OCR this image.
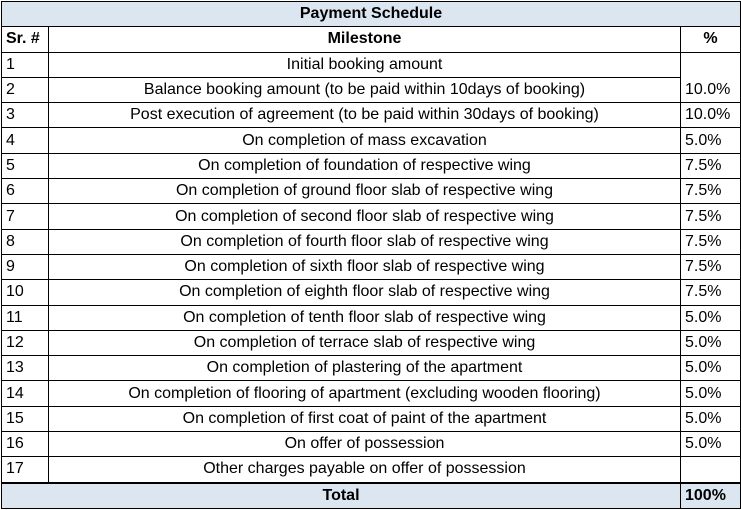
Payment Schedule		
Sr. #	Milestone	%
1	Initial booking amount	
2	Balance booking amount (to be paid within 10days of booking)	10.0%
3	Post execution of agreement (to be paid within 30days of booking)	10.0%
4	On completion of mass excavation	5.0%
5	On completion of foundation of respective wing	7.5%
6	On completion of ground floor slab of respective wing	7.5%
7	On completion of second floor slab of respective wing	7.5%
8	On completion of fourth floor slab of respective wing	7.5%
9	On completion of sixth floor slab of respective wing	7.5%
10	On completion of eighth floor slab of respective wing	7.5%
11	On completion of tenth floor slab of respective wing	5.0%
12	On completion of terrace slab of respective wing	5.0%
13	On completion of plastering of the apartment	5.0%
14	On completion of flooring of apartment (excluding wooden flooring)	5.0%
15	On completion of first coat of paint of the apartment	5.0%
16	On offer of possession	5.0%
17	Other charges payable on offer of possession	
Total		100%
